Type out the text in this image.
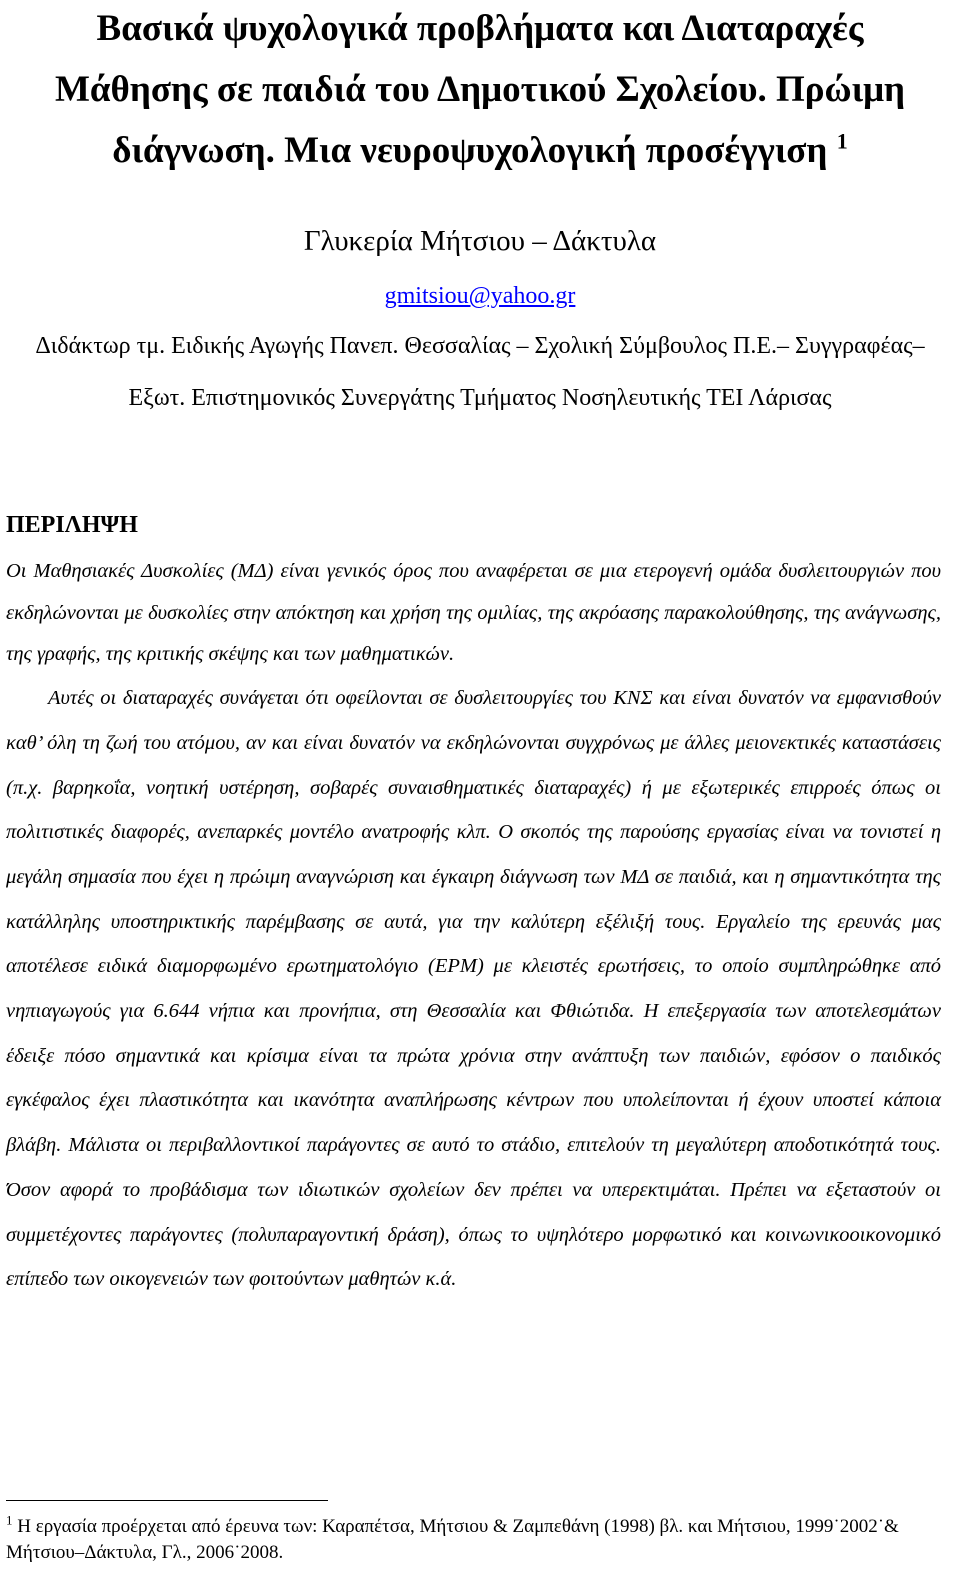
Βασικά ψυχολογικά προβλήματα και Διαταραχές Μάθησης σε παιδιά του Δημοτικού Σχολείου. Πρώιμη διάγνωση. Μια νευροψυχολογική προσέγγιση $^1$

Γλυκερία Μήτσιου – Δάκτυλα

gmitsiou@yahoo.gr

Διδάκτωρ τμ. Ειδικής Αγωγής Πανεπ. Θεσσαλίας – Σχολική Σύμβουλος Π.Ε.– Συγγραφέας– Εξωτ. Επιστημονικός Συνεργάτης Τμήματος Νοσηλευτικής ΤΕΙ Λάρισας

ΠΕΡΙΛΗΨΗ

Οι Μαθησιακές Δυσκολίες (ΜΔ) είναι γενικός όρος που αναφέρεται σε μια ετερογενή ομάδα δυσλειτουργιών που εκδηλώνονται με δυσκολίες στην απόκτηση και χρήση της ομιλίας, της ακρόασης παρακολούθησης, της ανάγνωσης, της γραφής, της κριτικής σκέψης και των μαθηματικών.

Αυτές οι διαταραχές συνάγεται ότι οφείλονται σε δυσλειτουργίες του ΚΝΣ και είναι δυνατόν να εμφανισθούν καθ’ όλη τη ζωή του ατόμου, αν και είναι δυνατόν να εκδηλώνονται συγχρόνως με άλλες μειονεκτικές καταστάσεις (π.χ. βαρηκοΐα, νοητική υστέρηση, σοβαρές συναισθηματικές διαταραχές) ή με εξωτερικές επιρροές όπως οι πολιτιστικές διαφορές, ανεπαρκές μοντέλο ανατροφής κλπ. Ο σκοπός της παρούσης εργασίας είναι να τονιστεί η μεγάλη σημασία που έχει η πρώιμη αναγνώριση και έγκαιρη διάγνωση των ΜΔ σε παιδιά, και η σημαντικότητα της κατάλληλης υποστηρικτικής παρέμβασης σε αυτά, για την καλύτερη εξέλιξή τους. Εργαλείο της ερευνάς μας αποτέλεσε ειδικά διαμορφωμένο ερωτηματολόγιο (ΕΡΜ) με κλειστές ερωτήσεις, το οποίο συμπληρώθηκε από νηπιαγωγούς για 6.644 νήπια και προνήπια, στη Θεσσαλία και Φθιώτιδα. Η επεξεργασία των αποτελεσμάτων έδειξε πόσο σημαντικά και κρίσιμα είναι τα πρώτα χρόνια στην ανάπτυξη των παιδιών, εφόσον ο παιδικός εγκέφαλος έχει πλαστικότητα και ικανότητα αναπλήρωσης κέντρων που υπολείπονται ή έχουν υποστεί κάποια βλάβη. Μάλιστα οι περιβαλλοντικοί παράγοντες σε αυτό το στάδιο, επιτελούν τη μεγαλύτερη αποδοτικότητά τους. Όσον αφορά το προβάδισμα των ιδιωτικών σχολείων δεν πρέπει να υπερεκτιμάται. Πρέπει να εξεταστούν οι συμμετέχοντες παράγοντες (πολυπαραγοντική δράση), όπως το υψηλότερο μορφωτικό και κοινωνικοοικονομικό επίπεδο των οικογενειών των φοιτούντων μαθητών κ.ά.

$^1$ Η εργασία προέρχεται από έρευνα των: Καραπέτσα, Μήτσιου & Ζαμπεθάνη (1998) βλ. και Μήτσιου, 1999˙2002˙& Μήτσιου–Δάκτυλα, Γλ., 2006˙2008.
